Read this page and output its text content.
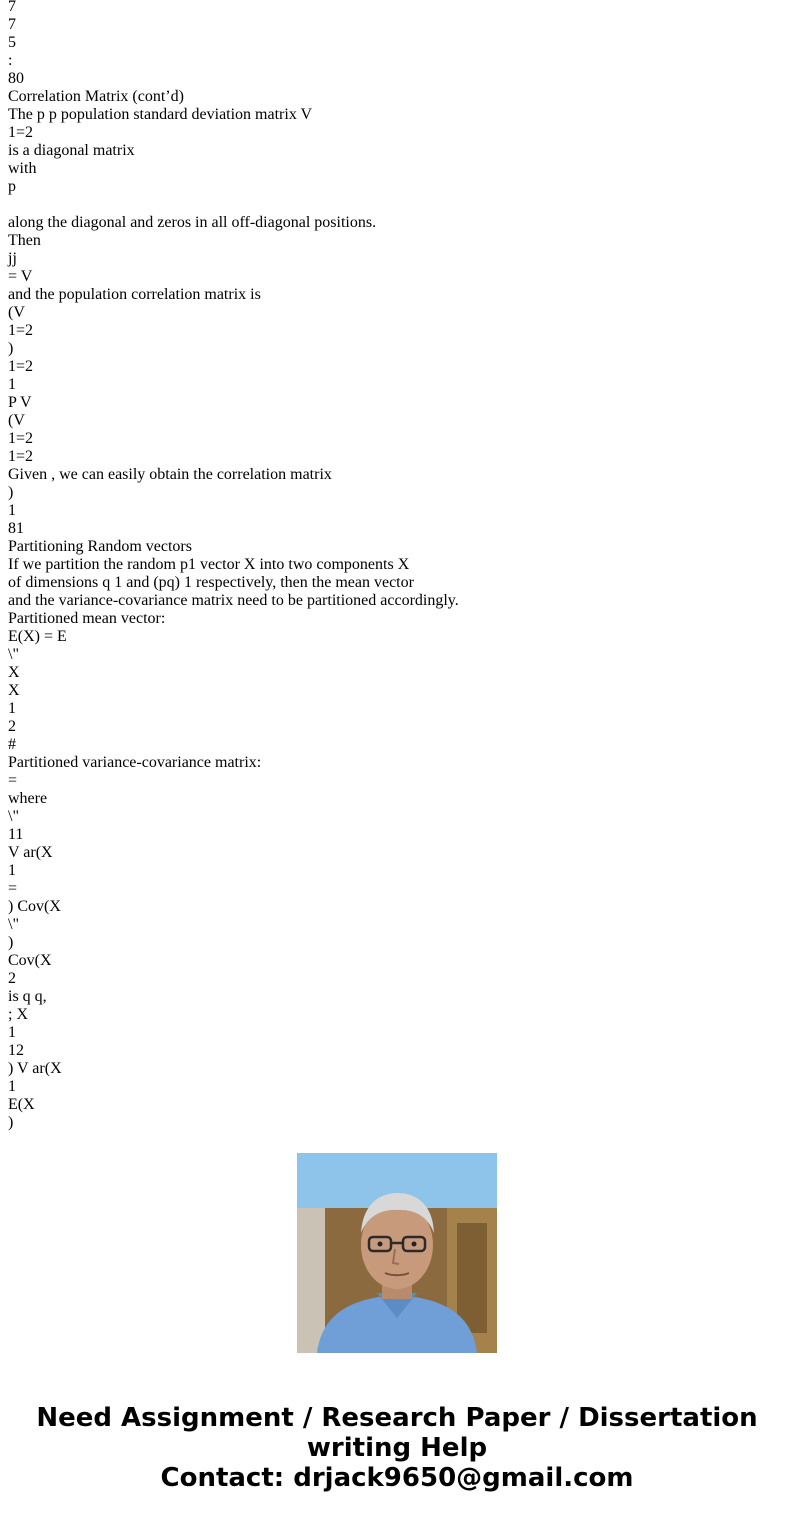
7
7
5
:
80
Correlation Matrix (cont’d)
The p p population standard deviation matrix V
1=2
is a diagonal matrix
with
p
along the diagonal and zeros in all off-diagonal positions.
Then
jj
= V
and the population correlation matrix is
(V
1=2
)
1=2
1
P V
(V
1=2
1=2
Given , we can easily obtain the correlation matrix
)
1
81
Partitioning Random vectors
If we partition the random p1 vector X into two components X
of dimensions q 1 and (pq) 1 respectively, then the mean vector
and the variance-covariance matrix need to be partitioned accordingly.
Partitioned mean vector:
E(X) = E
\"
X
X
1
2
#
Partitioned variance-covariance matrix:
=
where
\"
11
V ar(X
1
=
) Cov(X
\"
)
Cov(X
2
is q q,
; X
1
12
) V ar(X
1
E(X
)
Need Assignment / Research Paper / Dissertation
writing Help
Contact: drjack9650@gmail.com
